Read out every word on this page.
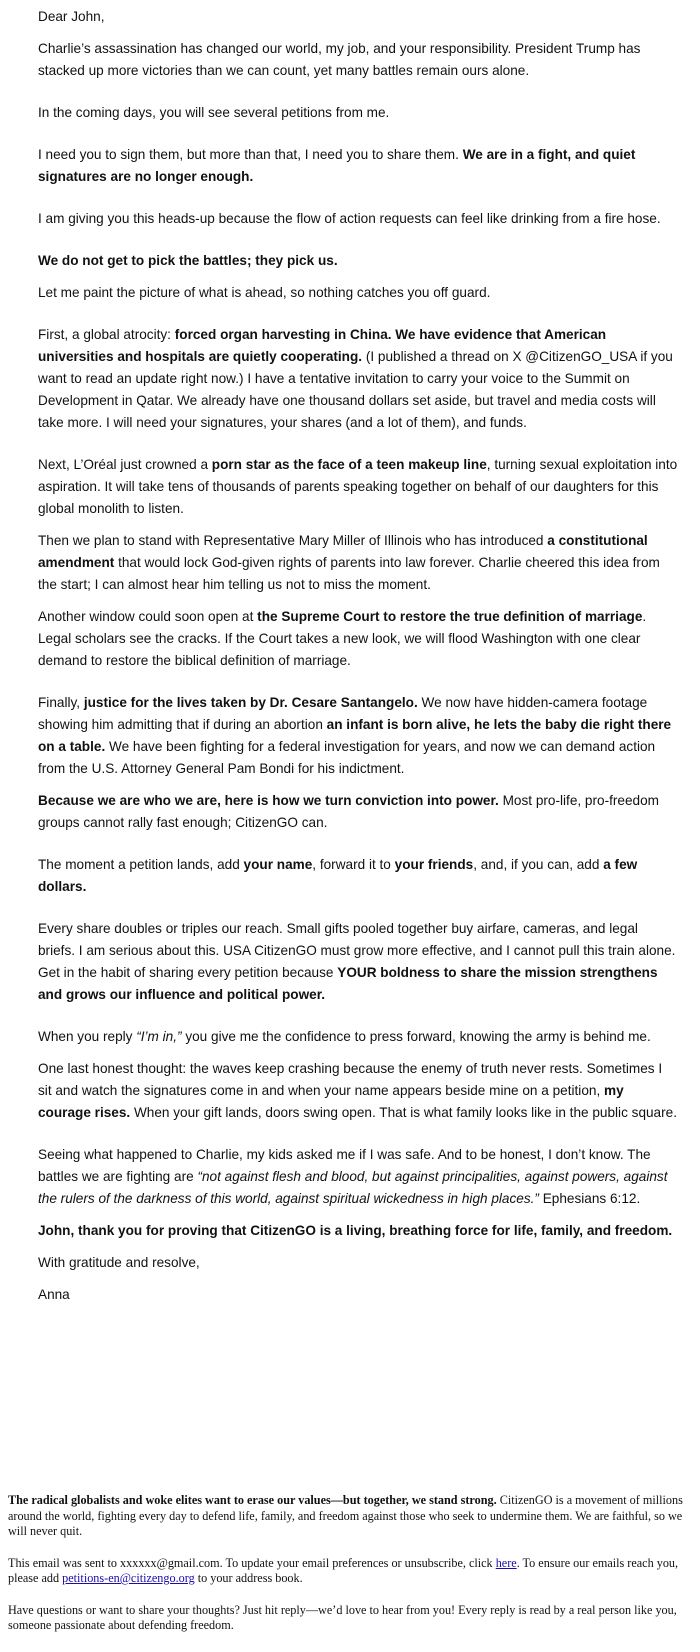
Dear John,

Charlie’s assassination has changed our world, my job, and your responsibility. President Trump has stacked up more victories than we can count, yet many battles remain ours alone.

In the coming days, you will see several petitions from me.

I need you to sign them, but more than that, I need you to share them. We are in a fight, and quiet signatures are no longer enough.

I am giving you this heads-up because the flow of action requests can feel like drinking from a fire hose.

We do not get to pick the battles; they pick us.

Let me paint the picture of what is ahead, so nothing catches you off guard.

First, a global atrocity: forced organ harvesting in China. We have evidence that American universities and hospitals are quietly cooperating. (I published a thread on X @CitizenGO_USA if you want to read an update right now.) I have a tentative invitation to carry your voice to the Summit on Development in Qatar. We already have one thousand dollars set aside, but travel and media costs will take more. I will need your signatures, your shares (and a lot of them), and funds.

Next, L’Oréal just crowned a porn star as the face of a teen makeup line, turning sexual exploitation into aspiration. It will take tens of thousands of parents speaking together on behalf of our daughters for this global monolith to listen.

Then we plan to stand with Representative Mary Miller of Illinois who has introduced a constitutional amendment that would lock God-given rights of parents into law forever. Charlie cheered this idea from the start; I can almost hear him telling us not to miss the moment.

Another window could soon open at the Supreme Court to restore the true definition of marriage. Legal scholars see the cracks. If the Court takes a new look, we will flood Washington with one clear demand to restore the biblical definition of marriage.

Finally, justice for the lives taken by Dr. Cesare Santangelo. We now have hidden-camera footage showing him admitting that if during an abortion an infant is born alive, he lets the baby die right there on a table. We have been fighting for a federal investigation for years, and now we can demand action from the U.S. Attorney General Pam Bondi for his indictment.

Because we are who we are, here is how we turn conviction into power. Most pro-life, pro-freedom groups cannot rally fast enough; CitizenGO can.

The moment a petition lands, add your name, forward it to your friends, and, if you can, add a few dollars.

Every share doubles or triples our reach. Small gifts pooled together buy airfare, cameras, and legal briefs. I am serious about this. USA CitizenGO must grow more effective, and I cannot pull this train alone. Get in the habit of sharing every petition because YOUR boldness to share the mission strengthens and grows our influence and political power.

When you reply “I’m in,” you give me the confidence to press forward, knowing the army is behind me.

One last honest thought: the waves keep crashing because the enemy of truth never rests. Sometimes I sit and watch the signatures come in and when your name appears beside mine on a petition, my courage rises. When your gift lands, doors swing open. That is what family looks like in the public square.

Seeing what happened to Charlie, my kids asked me if I was safe. And to be honest, I don’t know. The battles we are fighting are “not against flesh and blood, but against principalities, against powers, against the rulers of the darkness of this world, against spiritual wickedness in high places.” Ephesians 6:12.

John, thank you for proving that CitizenGO is a living, breathing force for life, family, and freedom.

With gratitude and resolve,

Anna

The radical globalists and woke elites want to erase our values—but together, we stand strong. CitizenGO is a movement of millions around the world, fighting every day to defend life, family, and freedom against those who seek to undermine them. We are faithful, so we will never quit.

This email was sent to xxxxxx@gmail.com. To update your email preferences or unsubscribe, click here. To ensure our emails reach you, please add petitions-en@citizengo.org to your address book.

Have questions or want to share your thoughts? Just hit reply—we’d love to hear from you! Every reply is read by a real person like you, someone passionate about defending freedom.
